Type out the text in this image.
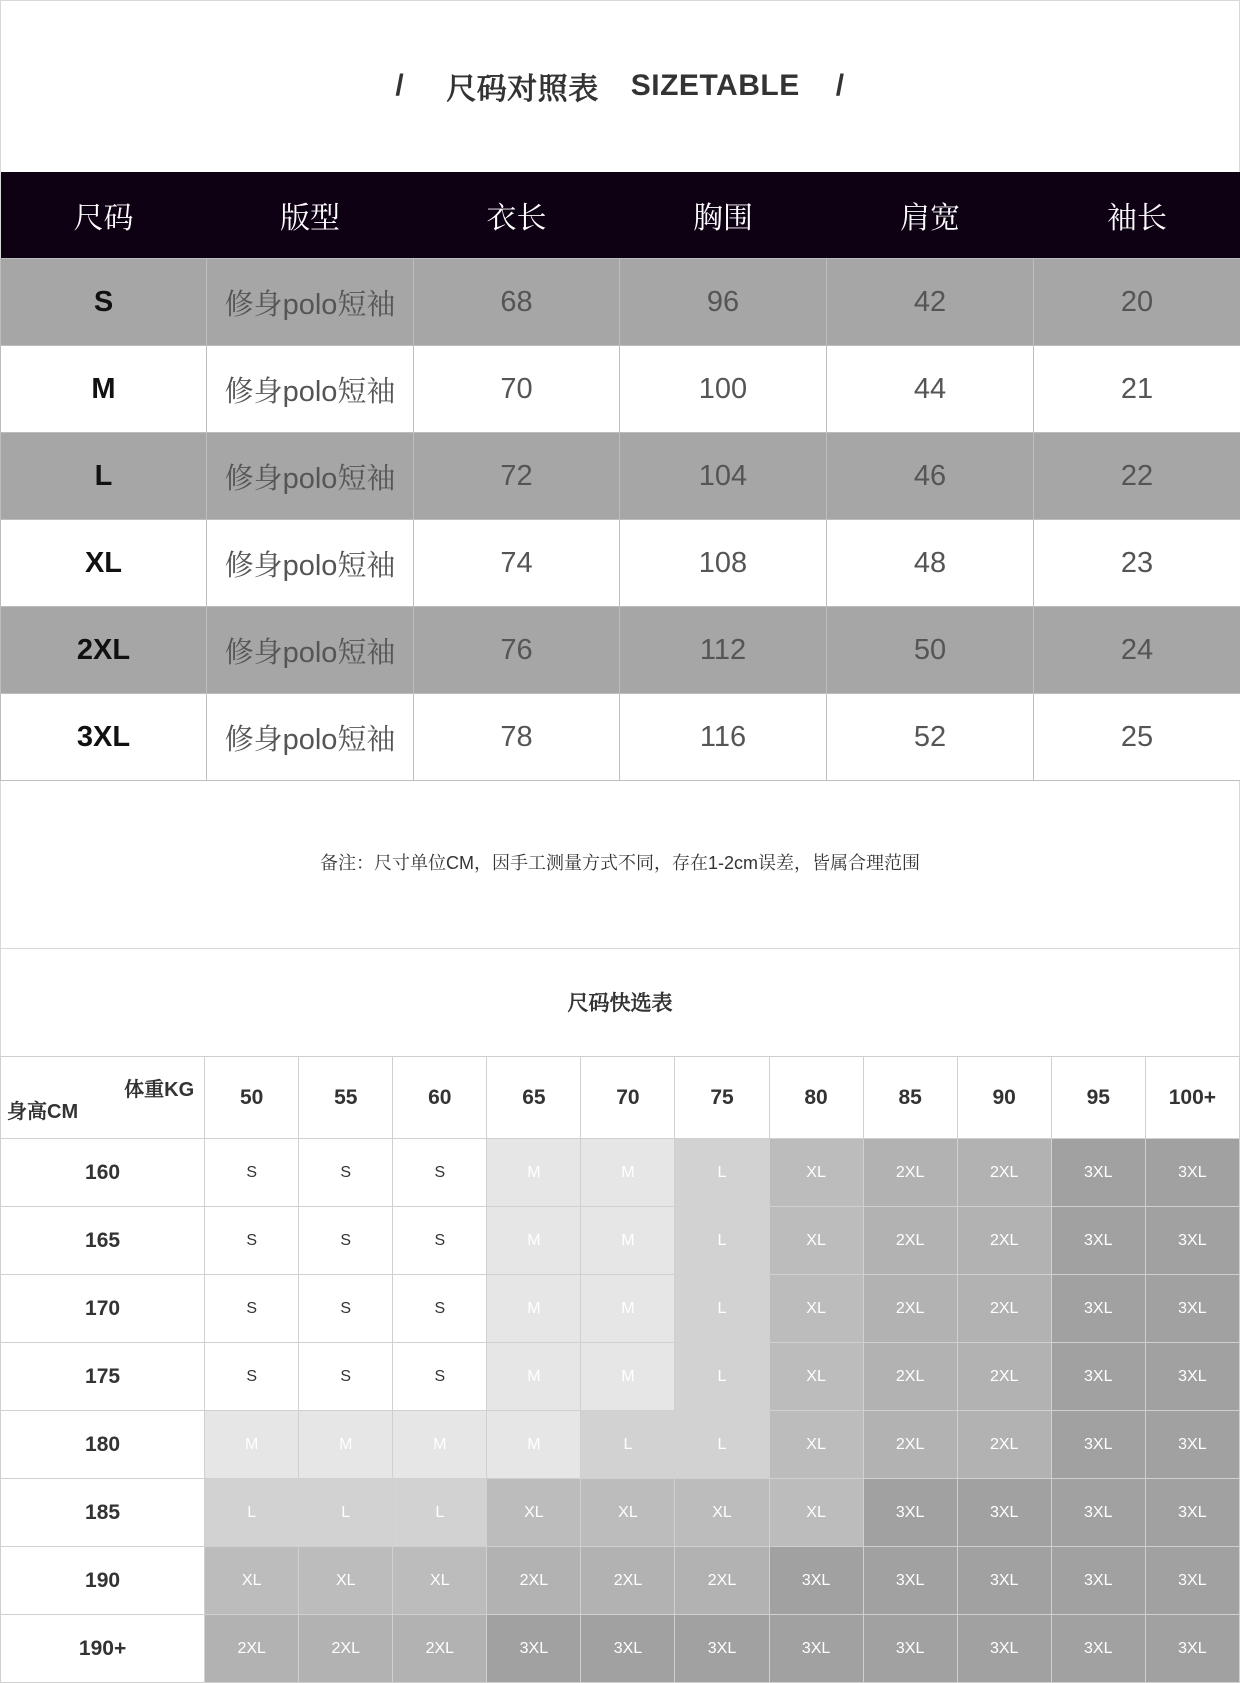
/ 尺码对照表 SIZETABLE /
尺码	版型	衣长	胸围	肩宽	袖长
S	修身polo短袖	68	96	42	20
M	修身polo短袖	70	100	44	21
L	修身polo短袖	72	104	46	22
XL	修身polo短袖	74	108	48	23
2XL	修身polo短袖	76	112	50	24
3XL	修身polo短袖	78	116	52	25
备注：尺寸单位CM，因手工测量方式不同，存在1-2cm误差，皆属合理范围
尺码快选表
体重KG
身高CM	50	55	60	65	70	75	80	85	90	95	100+
160	S	S	S	M	M	L	XL	2XL	2XL	3XL	3XL
165	S	S	S	M	M	L	XL	2XL	2XL	3XL	3XL
170	S	S	S	M	M	L	XL	2XL	2XL	3XL	3XL
175	S	S	S	M	M	L	XL	2XL	2XL	3XL	3XL
180	M	M	M	M	L	L	XL	2XL	2XL	3XL	3XL
185	L	L	L	XL	XL	XL	XL	3XL	3XL	3XL	3XL
190	XL	XL	XL	2XL	2XL	2XL	3XL	3XL	3XL	3XL	3XL
190+	2XL	2XL	2XL	3XL	3XL	3XL	3XL	3XL	3XL	3XL	3XL
